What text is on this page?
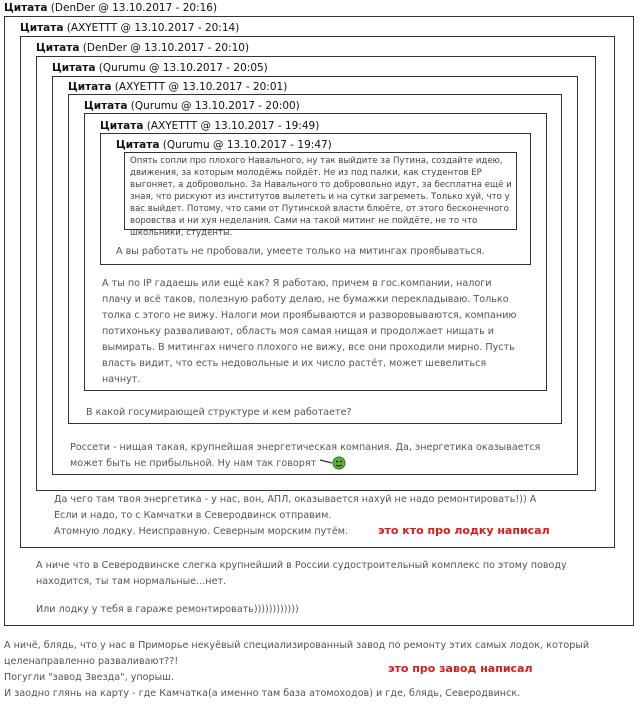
Цитата (DenDer @ 13.10.2017 - 20:16)
Цитата (AXYETTT @ 13.10.2017 - 20:14)
Цитата (DenDer @ 13.10.2017 - 20:10)
Цитата (Qurumu @ 13.10.2017 - 20:05)
Цитата (AXYETTT @ 13.10.2017 - 20:01)
Цитата (Qurumu @ 13.10.2017 - 20:00)
Цитата (AXYETTT @ 13.10.2017 - 19:49)
Цитата (Qurumu @ 13.10.2017 - 19:47)
Опять сопли про плохого Навального, ну так выйдите за Путина, создайте идею,
движения, за которым молодёжь пойдёт. Не из под палки, как студентов ЕР
выгоняет, а добровольно. За Навального то добровольно идут, за бесплатна ещё и
зная, что рискуют из институтов вылететь и на сутки загреметь. Только хуй, что у
вас выйдет. Потому, что сами от Путинской власти блюёте, от этого бесконечного
воровства и ни хуя неделания. Сами на такой митинг не пойдёте, не то что
школьники, студенты.
А вы работать не пробовали, умеете только на митингах проябываться.
А ты по IP гадаешь или ещё как? Я работаю, причем в гос.компании, налоги
плачу и всё таков, полезную работу делаю, не бумажки перекладываю. Только
толка с этого не вижу. Налоги мои проябываются и разворовываются, компанию
потихоньку разваливают, область моя самая нищая и продолжает нищать и
вымирать. В митингах ничего плохого не вижу, все они проходили мирно. Пусть
власть видит, что есть недовольные и их число растёт, может шевелиться
начнут.
В какой госумирающей структуре и кем работаете?
Россети - нищая такая, крупнейшая энергетическая компания. Да, энергетика оказывается
может быть не прибыльной. Ну нам так говорят
Да чего там твоя энергетика - у нас, вон, АПЛ, оказывается нахуй не надо ремонтировать!)) А
Если и надо, то с Камчатки в Северодвинск отправим.
Атомную лодку. Неисправную. Северным морским путём.	это кто про лодку написал
А ниче что в Северодвинске слегка крупнейший в России судостроительный комплекс по этому поводу
находится, ты там нормальные...нет.
Или лодку у тебя в гараже ремонтировать))))))))))))
А ничё, блядь, что у нас в Приморье некуёвый специализированный завод по ремонту этих самых лодок, который
целенаправленно разваливают??!
Погугли "завод Звезда", упорыш.
И заодно глянь на карту - где Камчатка(а именно там база атомоходов) и где, блядь, Северодвинск.
это про завод написал
